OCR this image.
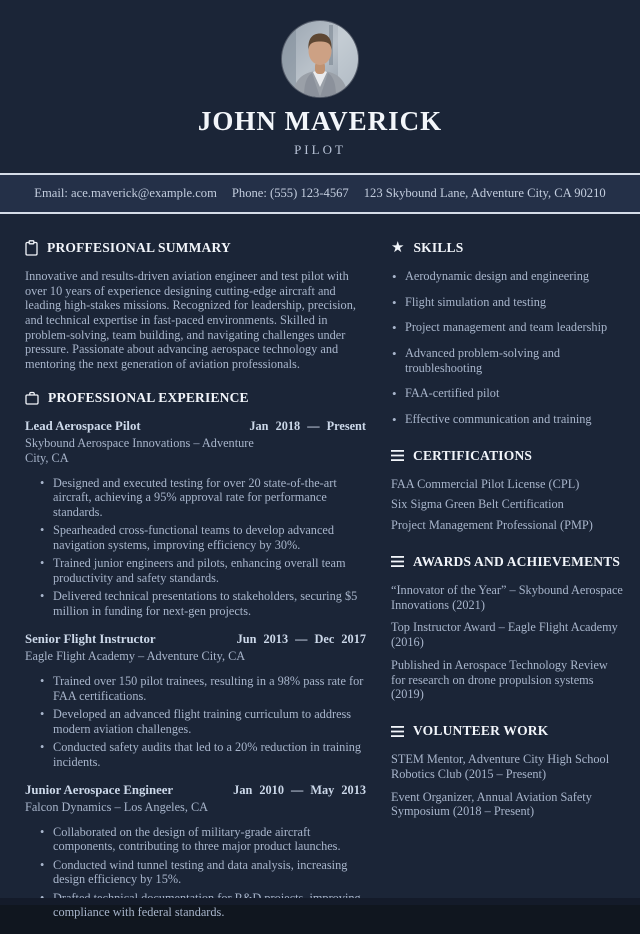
JOHN MAVERICK
PILOT
Email: ace.maverick@example.com Phone: (555) 123-4567 123 Skybound Lane, Adventure City, CA 90210
PROFFESIONAL SUMMARY

Innovative and results-driven aviation engineer and test pilot with over 10 years of experience designing cutting-edge aircraft and leading high-stakes missions. Recognized for leadership, precision, and technical expertise in fast-paced environments. Skilled in problem-solving, team building, and navigating challenges under pressure. Passionate about advancing aerospace technology and mentoring the next generation of aviation professionals.

PROFESSIONAL EXPERIENCE
Lead Aerospace Pilot	Jan 2018 — Present
Skybound Aerospace Innovations – Adventure City, CA
• Designed and executed testing for over 20 state-of-the-art aircraft, achieving a 95% approval rate for performance standards.
• Spearheaded cross-functional teams to develop advanced navigation systems, improving efficiency by 30%.
• Trained junior engineers and pilots, enhancing overall team productivity and safety standards.
• Delivered technical presentations to stakeholders, securing $5 million in funding for next-gen projects.
Senior Flight Instructor	Jun 2013 — Dec 2017
Eagle Flight Academy – Adventure City, CA
• Trained over 150 pilot trainees, resulting in a 98% pass rate for FAA certifications.
• Developed an advanced flight training curriculum to address modern aviation challenges.
• Conducted safety audits that led to a 20% reduction in training incidents.
Junior Aerospace Engineer	Jan 2010 — May 2013
Falcon Dynamics – Los Angeles, CA
• Collaborated on the design of military-grade aircraft components, contributing to three major product launches.
• Conducted wind tunnel testing and data analysis, increasing design efficiency by 15%.
• compliance with federal standards.
★ SKILLS
• Aerodynamic design and engineering
• Flight simulation and testing
• Project management and team leadership
• Advanced problem-solving and troubleshooting
• FAA-certified pilot
• Effective communication and training
CERTIFICATIONS
FAA Commercial Pilot License (CPL)
Six Sigma Green Belt Certification
Project Management Professional (PMP)
AWARDS AND ACHIEVEMENTS
“Innovator of the Year” – Skybound Aerospace Innovations (2021)
Top Instructor Award – Eagle Flight Academy (2016)
Published in Aerospace Technology Review for research on drone propulsion systems (2019)
VOLUNTEER WORK
STEM Mentor, Adventure City High School Robotics Club (2015 – Present)
Event Organizer, Annual Aviation Safety Symposium (2018 – Present)
